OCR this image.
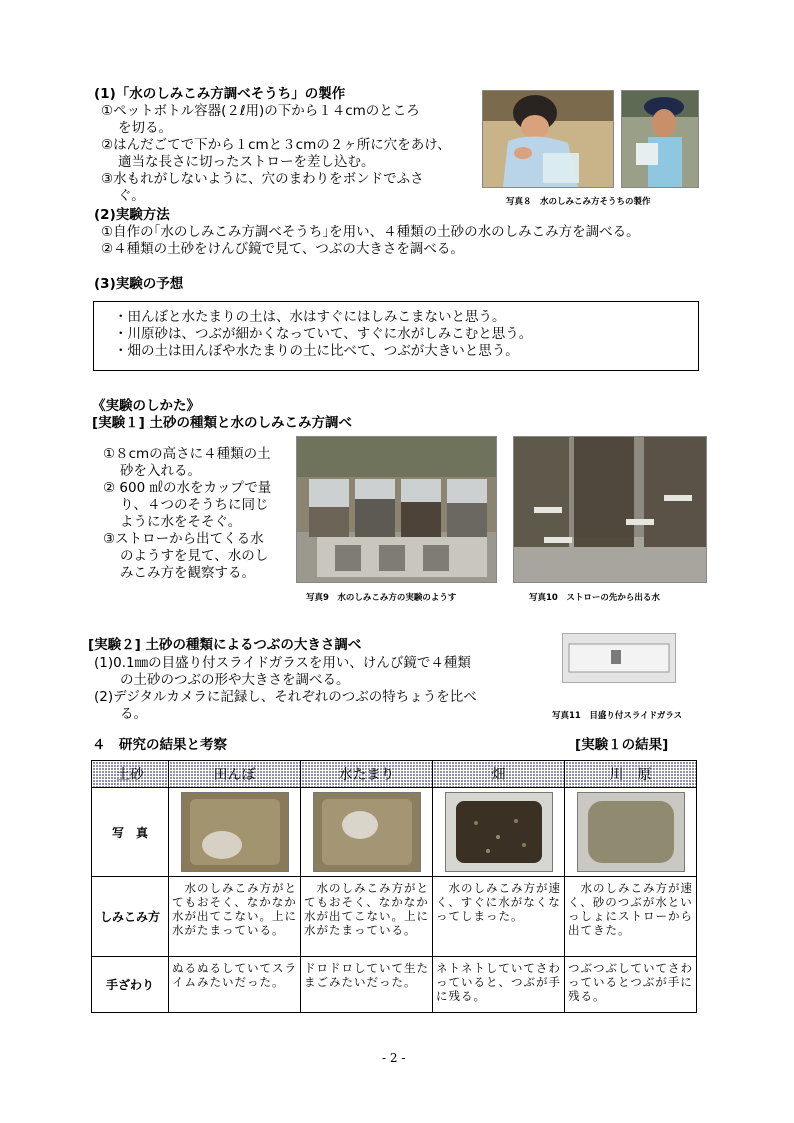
(1)「水のしみこみ方調べそうち」の製作
①ペットボトル容器(２ℓ用)の下から１４cmのところ
を切る。
②はんだごてで下から１cmと３cmの２ヶ所に穴をあけ、
適当な長さに切ったストローを差し込む。
③水もれがしないように、穴のまわりをボンドでふさ
ぐ。	写真８　水のしみこみ方そうちの製作
(2)実験方法
①自作の｢水のしみこみ方調べそうち｣を用い、４種類の土砂の水のしみこみ方を調べる。
②４種類の土砂をけんび鏡で見て、つぶの大きさを調べる。
(3)実験の予想
・田んぼと水たまりの土は、水はすぐにはしみこまないと思う。
・川原砂は、つぶが細かくなっていて、すぐに水がしみこむと思う。
・畑の土は田んぼや水たまりの土に比べて、つぶが大きいと思う。
《実験のしかた》
[実験１] 土砂の種類と水のしみこみ方調べ
①８cmの高さに４種類の土
砂を入れる。
② 600 ㎖の水をカップで量
り、４つのそうちに同じ
ように水をそそぐ。
③ストローから出てくる水
のようすを見て、水のし
みこみ方を観察する。
写真9　水のしみこみ方の実験のようす	写真10　ストローの先から出る水
[実験２] 土砂の種類によるつぶの大きさ調べ
(1)0.1㎜の目盛り付スライドガラスを用い、けんび鏡で４種類
の土砂のつぶの形や大きさを調べる。
(2)デジタルカメラに記録し、それぞれのつぶの特ちょうを比べ
る。	写真11　目盛り付スライドガラス
４　研究の結果と考察	[実験１の結果]
土砂	田んぼ	水たまり	畑	川　原
写　真	

しみこみ方	　水のしみこみ方がとてもおそく、なかなか水が出てこない。上に水がたまっている。	　水のしみこみ方がとてもおそく、なかなか水が出てこない。上に水がたまっている。	　水のしみこみ方が速く、すぐに水がなくなってしまった。	　水のしみこみ方が速く、砂のつぶが水といっしょにストローから出てきた。
手ざわり	ぬるぬるしていてスライムみたいだった。	ドロドロしていて生たまごみたいだった。	ネトネトしていてさわっていると、つぶが手に残る。	つぶつぶしていてさわっているとつぶが手に残る。
- 2 -
